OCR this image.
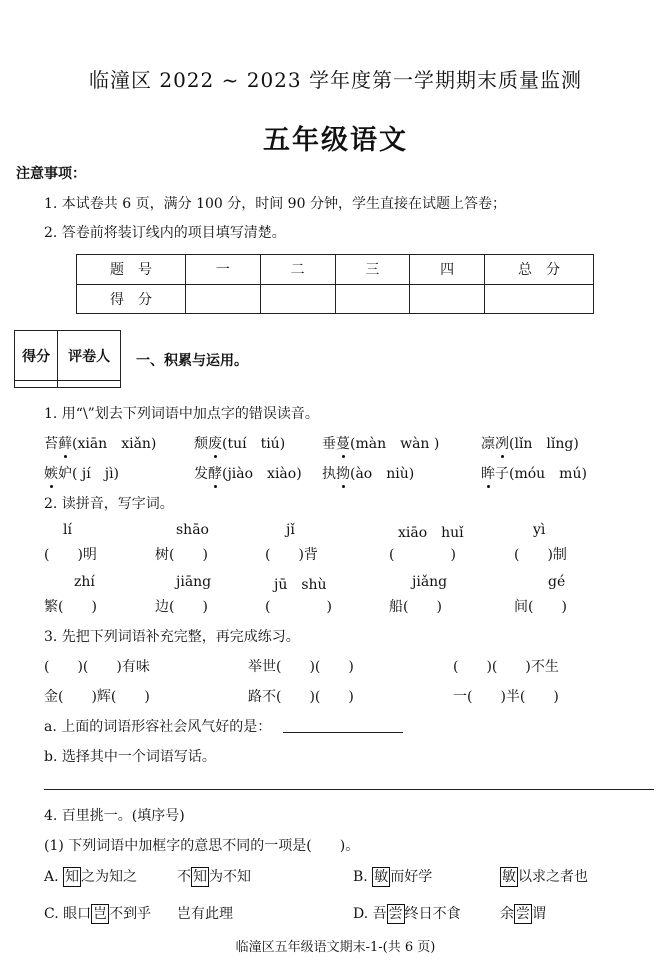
临潼区 2022 ~ 2023 学年度第一学期期末质量监测
五年级语文
注意事项：
1. 本试卷共 6 页，满分 100 分，时间 90 分钟，学生直接在试题上答卷；
2. 答卷前将装订线内的项目填写清楚。
题　号	一	二	三	四	总　分
得　分					
得分	评卷人
	一、积累与运用。
1. 用“\”划去下列词语中加点字的错误读音。
苔藓(xiān　xiǎn)	颓废(tuí　tiú)	垂蔓(màn　wàn )	凛冽(lǐn　lǐng)
嫉妒( jí　jì)	发酵(jiào　xiào) 执拗(ào　niù)	眸子(móu　mú)
2. 读拼音，写字词。
lí	shāo	jǐ	xiāo　huǐ	yì
(　　)明	树(　　)	(　　)背	(　　　　)	(　　)制
zhí	jiāng	jū　shù	jiǎng	gé
繁(　　)	边(　　)	(　　　　)	船(　　)	间(　　)
3. 先把下列词语补充完整，再完成练习。
(　　)(　　)有味	举世(　　)(　　)	(　　)(　　)不生
金(　　)辉(　　)	路不(　　)(　　)	一(　　)半(　　)
a. 上面的词语形容社会风气好的是：
b. 选择其中一个词语写话。
4. 百里挑一。(填序号)
(1) 下列词语中加框字的意思不同的一项是(　　)。
A. 知 之为知之	不 知 为不知	B. 敏 而好学	敏 以求之者也
C. 眼口 岂 不到乎 岂有此理	D. 吾 尝 终日不食	余 尝 谓
临潼区五年级语文期末-1-(共 6 页)
